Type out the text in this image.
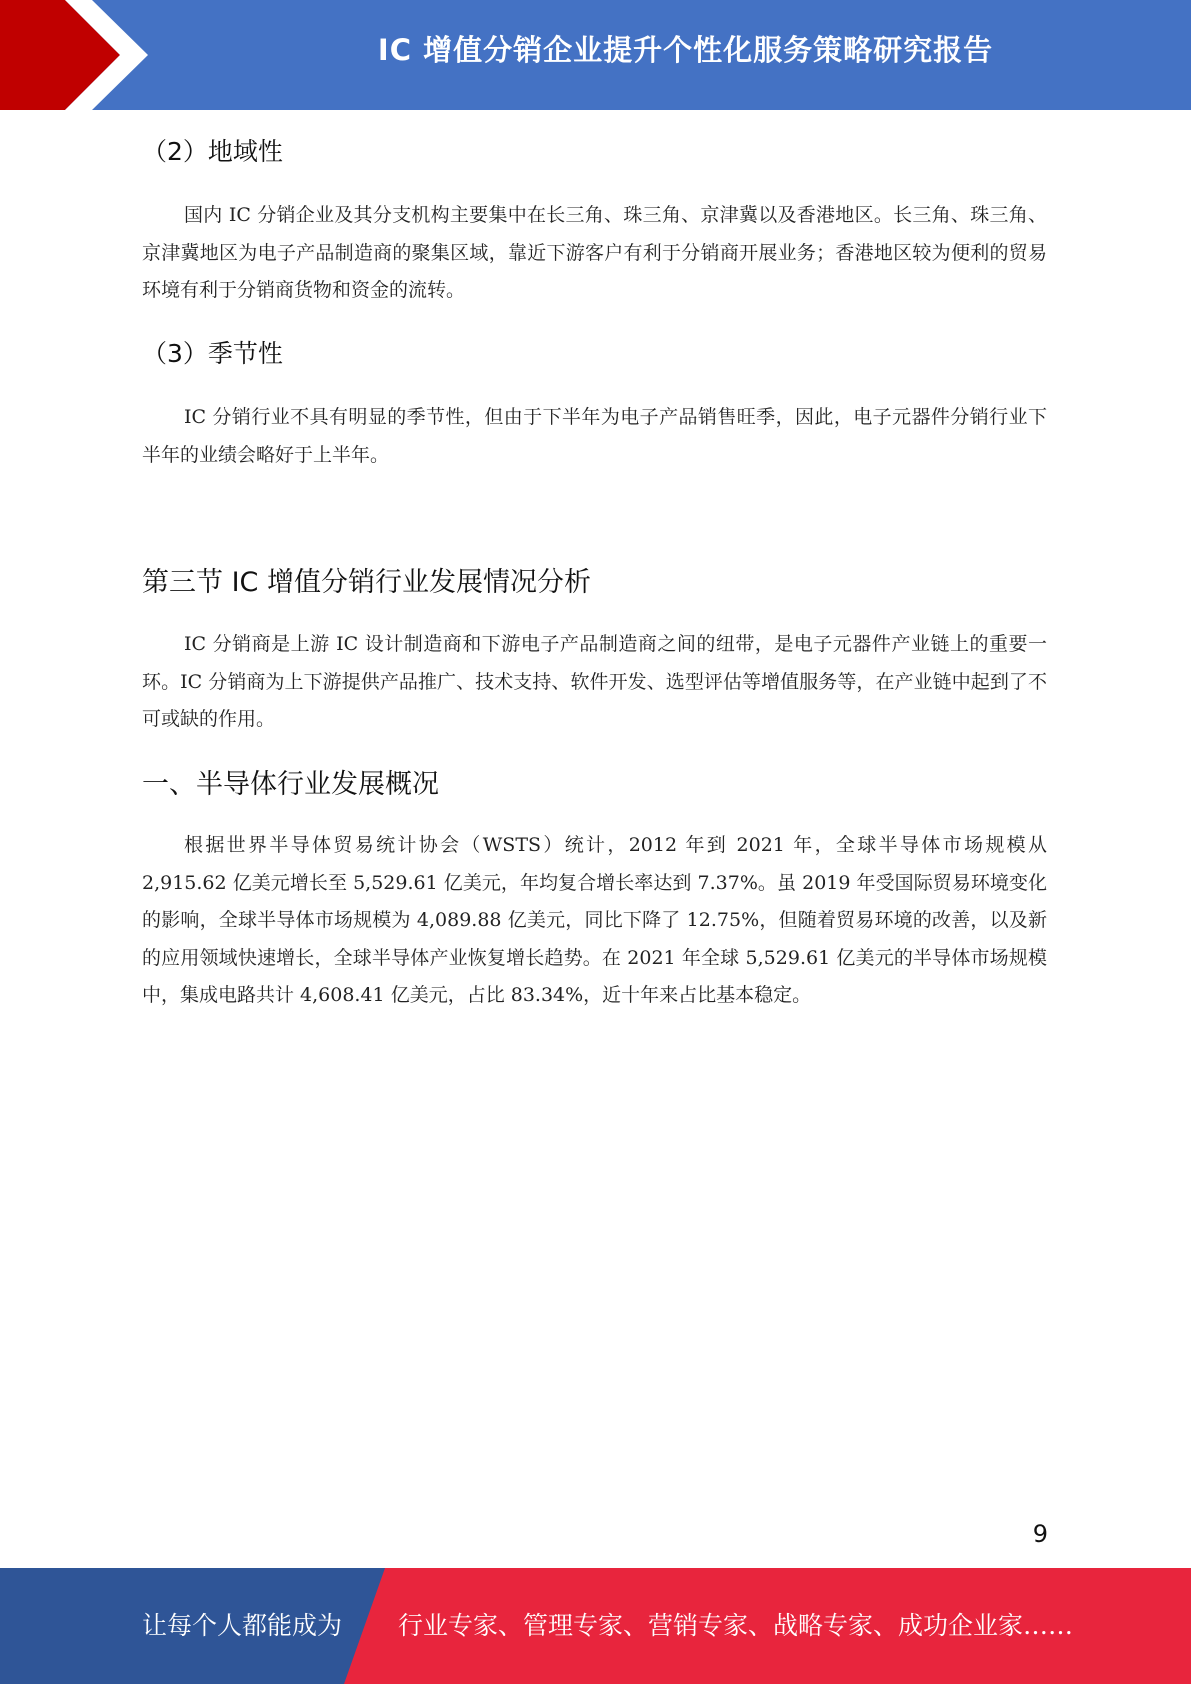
IC 增值分销企业提升个性化服务策略研究报告
（2）地域性

国内 IC 分销企业及其分支机构主要集中在长三角、珠三角、京津冀以及香港地区。长三角、珠三角、京津冀地区为电子产品制造商的聚集区域，靠近下游客户有利于分销商开展业务；香港地区较为便利的贸易环境有利于分销商货物和资金的流转。

（3）季节性

IC 分销行业不具有明显的季节性，但由于下半年为电子产品销售旺季，因此，电子元器件分销行业下半年的业绩会略好于上半年。

第三节 IC 增值分销行业发展情况分析

IC 分销商是上游 IC 设计制造商和下游电子产品制造商之间的纽带，是电子元器件产业链上的重要一环。IC 分销商为上下游提供产品推广、技术支持、软件开发、选型评估等增值服务等，在产业链中起到了不可或缺的作用。

一、半导体行业发展概况

根据世界半导体贸易统计协会（WSTS）统计，2012 年到 2021 年，全球半导体市场规模从 2,915.62 亿美元增长至 5,529.61 亿美元，年均复合增长率达到 7.37%。虽 2019 年受国际贸易环境变化的影响，全球半导体市场规模为 4,089.88 亿美元，同比下降了 12.75%，但随着贸易环境的改善，以及新的应用领域快速增长，全球半导体产业恢复增长趋势。在 2021 年全球 5,529.61 亿美元的半导体市场规模中，集成电路共计 4,608.41 亿美元，占比 83.34%，近十年来占比基本稳定。

9
让每个人都能成为 行业专家、管理专家、营销专家、战略专家、成功企业家……
